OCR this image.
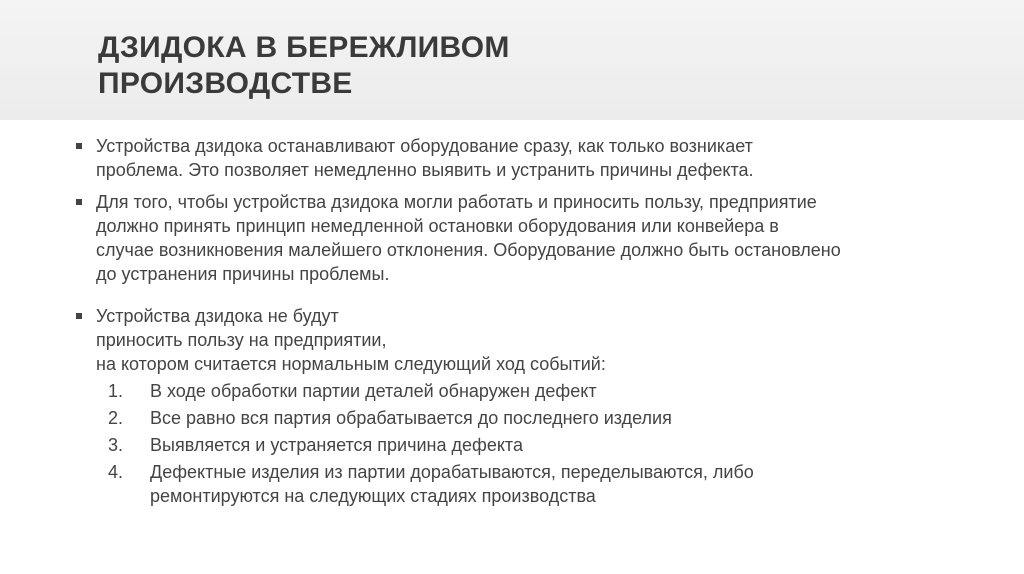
ДЗИДОКА В БЕРЕЖЛИВОМ
ПРОИЗВОДСТВЕ
Устройства дзидока останавливают оборудование сразу, как только возникает
проблема. Это позволяет немедленно выявить и устранить причины дефекта.
Для того, чтобы устройства дзидока могли работать и приносить пользу, предприятие
должно принять принцип немедленной остановки оборудования или конвейера в
случае возникновения малейшего отклонения. Оборудование должно быть остановлено
до устранения причины проблемы.
Устройства дзидока не будут
приносить пользу на предприятии,
на котором считается нормальным следующий ход событий:
1. В ходе обработки партии деталей обнаружен дефект
2. Все равно вся партия обрабатывается до последнего изделия
3. Выявляется и устраняется причина дефекта
4. Дефектные изделия из партии дорабатываются, переделываются, либо
ремонтируются на следующих стадиях производства
